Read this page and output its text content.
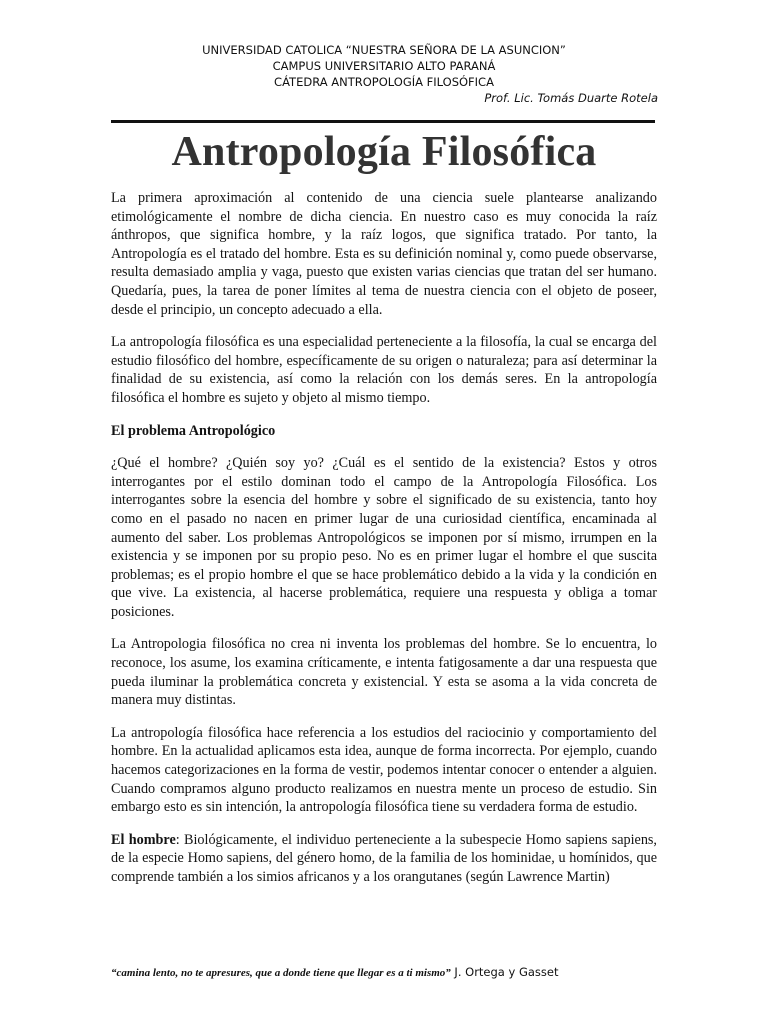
UNIVERSIDAD CATOLICA “NUESTRA SEÑORA DE LA ASUNCION”
CAMPUS UNIVERSITARIO ALTO PARANÁ
CÁTEDRA ANTROPOLOGÍA FILOSÓFICA
Prof. Lic. Tomás Duarte Rotela
Antropología Filosófica

La primera aproximación al contenido de una ciencia suele plantearse analizando etimológicamente el nombre de dicha ciencia. En nuestro caso es muy conocida la raíz ánthropos, que significa hombre, y la raíz logos, que significa tratado. Por tanto, la Antropología es el tratado del hombre. Esta es su definición nominal y, como puede observarse, resulta demasiado amplia y vaga, puesto que existen varias ciencias que tratan del ser humano. Quedaría, pues, la tarea de poner límites al tema de nuestra ciencia con el objeto de poseer, desde el principio, un concepto adecuado a ella.

La antropología filosófica es una especialidad perteneciente a la filosofía, la cual se encarga del estudio filosófico del hombre, específicamente de su origen o naturaleza; para así determinar la finalidad de su existencia, así como la relación con los demás seres. En la antropología filosófica el hombre es sujeto y objeto al mismo tiempo.

El problema Antropológico

¿Qué el hombre? ¿Quién soy yo? ¿Cuál es el sentido de la existencia? Estos y otros interrogantes por el estilo dominan todo el campo de la Antropología Filosófica. Los interrogantes sobre la esencia del hombre y sobre el significado de su existencia, tanto hoy como en el pasado no nacen en primer lugar de una curiosidad científica, encaminada al aumento del saber. Los problemas Antropológicos se imponen por sí mismo, irrumpen en la existencia y se imponen por su propio peso. No es en primer lugar el hombre el que suscita problemas; es el propio hombre el que se hace problemático debido a la vida y la condición en que vive. La existencia, al hacerse problemática, requiere una respuesta y obliga a tomar posiciones.

La Antropologia filosófica no crea ni inventa los problemas del hombre. Se lo encuentra, lo reconoce, los asume, los examina críticamente, e intenta fatigosamente a dar una respuesta que pueda iluminar la problemática concreta y existencial. Y esta se asoma a la vida concreta de manera muy distintas.

La antropología filosófica hace referencia a los estudios del raciocinio y comportamiento del hombre. En la actualidad aplicamos esta idea, aunque de forma incorrecta. Por ejemplo, cuando hacemos categorizaciones en la forma de vestir, podemos intentar conocer o entender a alguien. Cuando compramos alguno producto realizamos en nuestra mente un proceso de estudio. Sin embargo esto es sin intención, la antropología filosófica tiene su verdadera forma de estudio.

El hombre: Biológicamente, el individuo perteneciente a la subespecie Homo sapiens sapiens, de la especie Homo sapiens, del género homo, de la familia de los hominidae, u homínidos, que comprende también a los simios africanos y a los orangutanes (según Lawrence Martin)

“camina lento, no te apresures, que a donde tiene que llegar es a ti mismo” J. Ortega y Gasset
